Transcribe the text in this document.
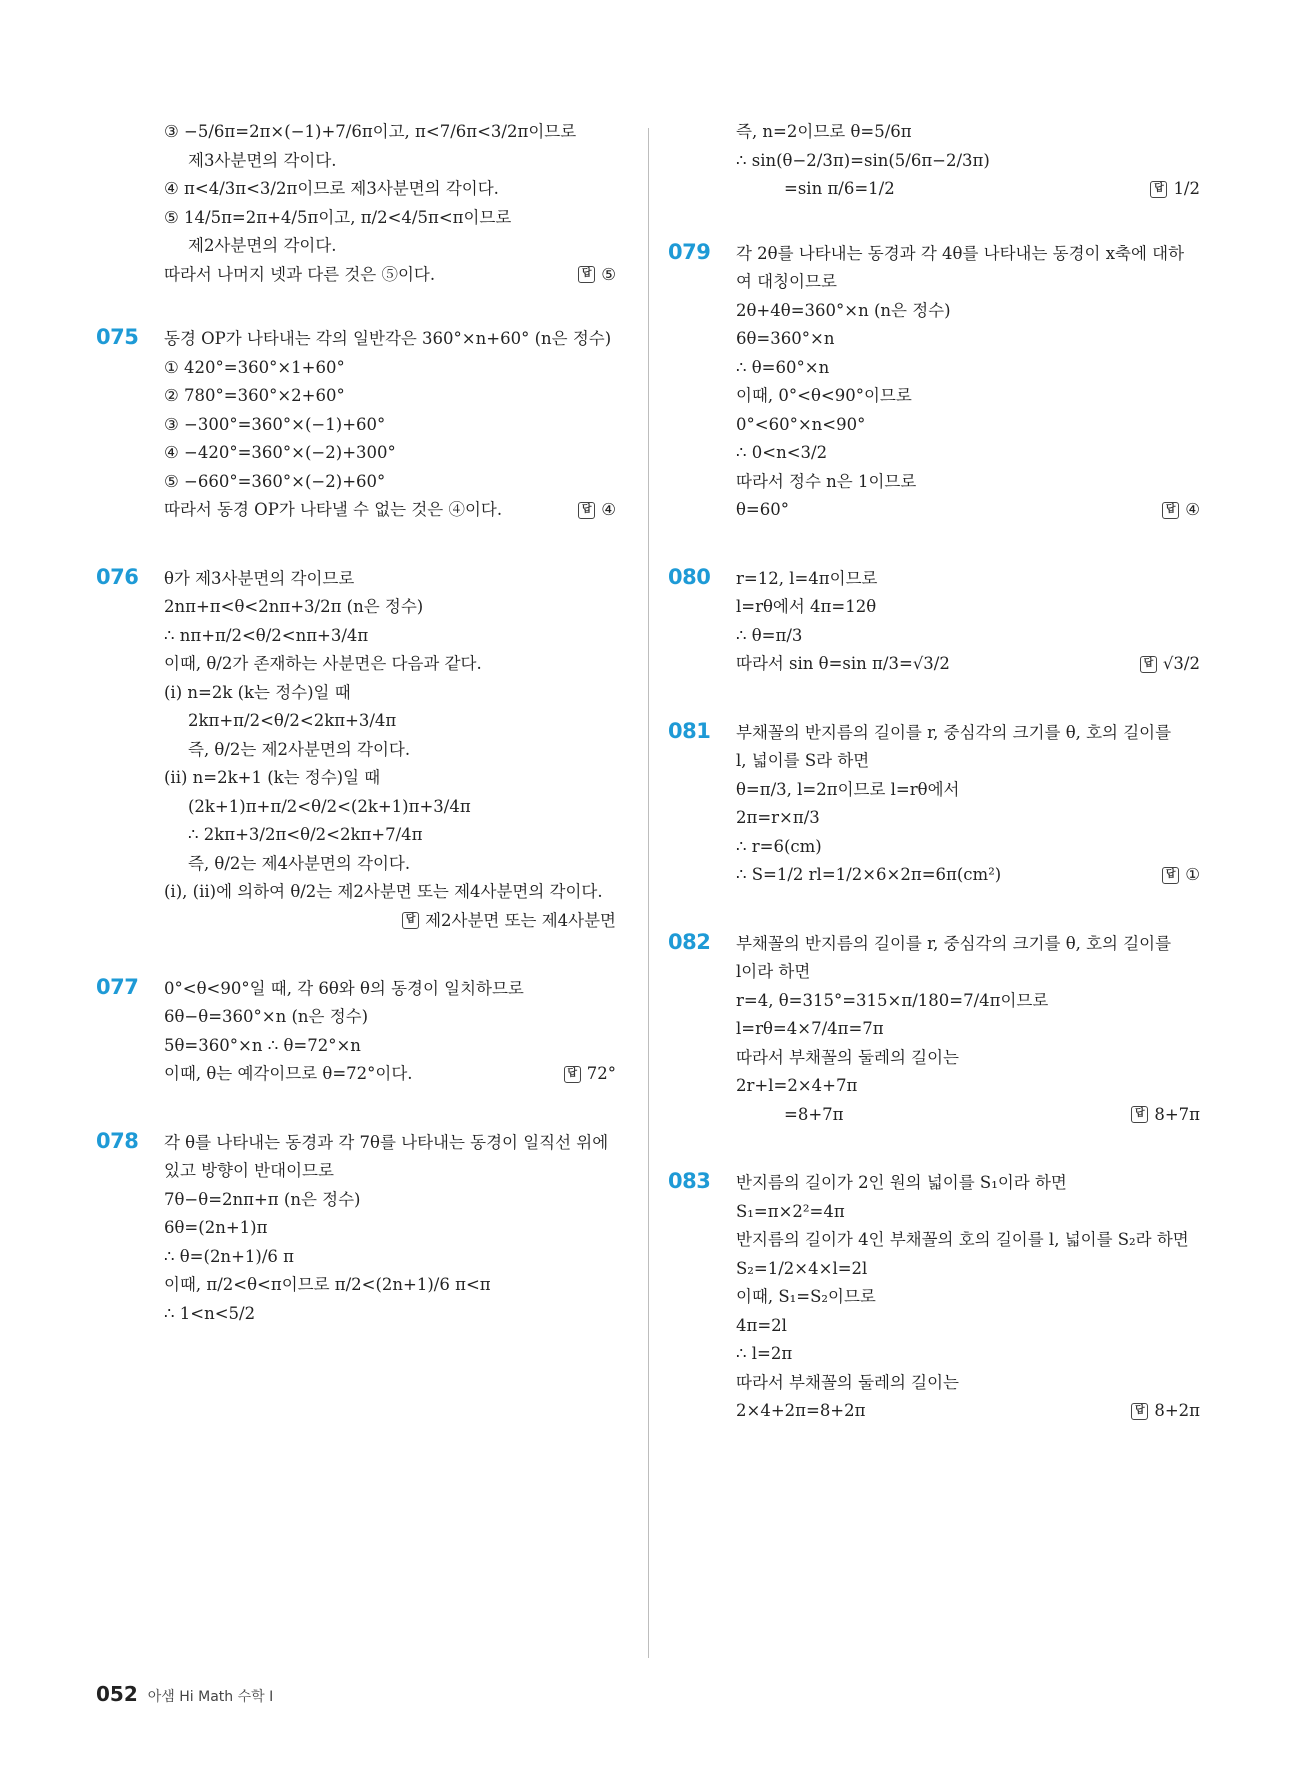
③ −5/6π=2π×(−1)+7/6π이고, π<7/6π<3/2π이므로
제3사분면의 각이다.
④ π<4/3π<3/2π이므로 제3사분면의 각이다.
⑤ 14/5π=2π+4/5π이고, π/2<4/5π<π이므로
제2사분면의 각이다.
따라서 나머지 넷과 다른 것은 ⑤이다.	답 ⑤
075 동경 OP가 나타내는 각의 일반각은 360°×n+60° (n은 정수)
① 420°=360°×1+60°
② 780°=360°×2+60°
③ −300°=360°×(−1)+60°
④ −420°=360°×(−2)+300°
⑤ −660°=360°×(−2)+60°
따라서 동경 OP가 나타낼 수 없는 것은 ④이다.	답 ④
076 θ가 제3사분면의 각이므로
2nπ+π<θ<2nπ+3/2π (n은 정수)
∴ nπ+π/2<θ/2<nπ+3/4π
이때, θ/2가 존재하는 사분면은 다음과 같다.
(i) n=2k (k는 정수)일 때
2kπ+π/2<θ/2<2kπ+3/4π
즉, θ/2는 제2사분면의 각이다.
(ii) n=2k+1 (k는 정수)일 때
(2k+1)π+π/2<θ/2<(2k+1)π+3/4π
∴ 2kπ+3/2π<θ/2<2kπ+7/4π
즉, θ/2는 제4사분면의 각이다.
(i), (ii)에 의하여 θ/2는 제2사분면 또는 제4사분면의 각이다.
답 제2사분면 또는 제4사분면
077 0°<θ<90°일 때, 각 6θ와 θ의 동경이 일치하므로
6θ−θ=360°×n (n은 정수)
5θ=360°×n ∴ θ=72°×n
이때, θ는 예각이므로 θ=72°이다.	답 72°
078 각 θ를 나타내는 동경과 각 7θ를 나타내는 동경이 일직선 위에
있고 방향이 반대이므로
7θ−θ=2nπ+π (n은 정수)
6θ=(2n+1)π
∴ θ=(2n+1)/6 π
이때, π/2<θ<π이므로 π/2<(2n+1)/6 π<π
∴ 1<n<5/2
즉, n=2이므로 θ=5/6π
∴ sin(θ−2/3π)=sin(5/6π−2/3π)
=sin π/6=1/2	답 1/2
079 각 2θ를 나타내는 동경과 각 4θ를 나타내는 동경이 x축에 대하
여 대칭이므로
2θ+4θ=360°×n (n은 정수)
6θ=360°×n
∴ θ=60°×n
이때, 0°<θ<90°이므로
0°<60°×n<90°
∴ 0<n<3/2
따라서 정수 n은 1이므로
θ=60°	답 ④
080 r=12, l=4π이므로
l=rθ에서 4π=12θ
∴ θ=π/3
따라서 sin θ=sin π/3=√3/2	답 √3/2
081 부채꼴의 반지름의 길이를 r, 중심각의 크기를 θ, 호의 길이를
l, 넓이를 S라 하면
θ=π/3, l=2π이므로 l=rθ에서
2π=r×π/3
∴ r=6(cm)
∴ S=1/2 rl=1/2×6×2π=6π(cm²)	답 ①
082 부채꼴의 반지름의 길이를 r, 중심각의 크기를 θ, 호의 길이를
l이라 하면
r=4, θ=315°=315×π/180=7/4π이므로
l=rθ=4×7/4π=7π
따라서 부채꼴의 둘레의 길이는
2r+l=2×4+7π
=8+7π	답 8+7π
083 반지름의 길이가 2인 원의 넓이를 S₁이라 하면
S₁=π×2²=4π
반지름의 길이가 4인 부채꼴의 호의 길이를 l, 넓이를 S₂라 하면
S₂=1/2×4×l=2l
이때, S₁=S₂이므로
4π=2l
∴ l=2π
따라서 부채꼴의 둘레의 길이는
2×4+2π=8+2π	답 8+2π
052 아샘 Hi Math 수학 I
